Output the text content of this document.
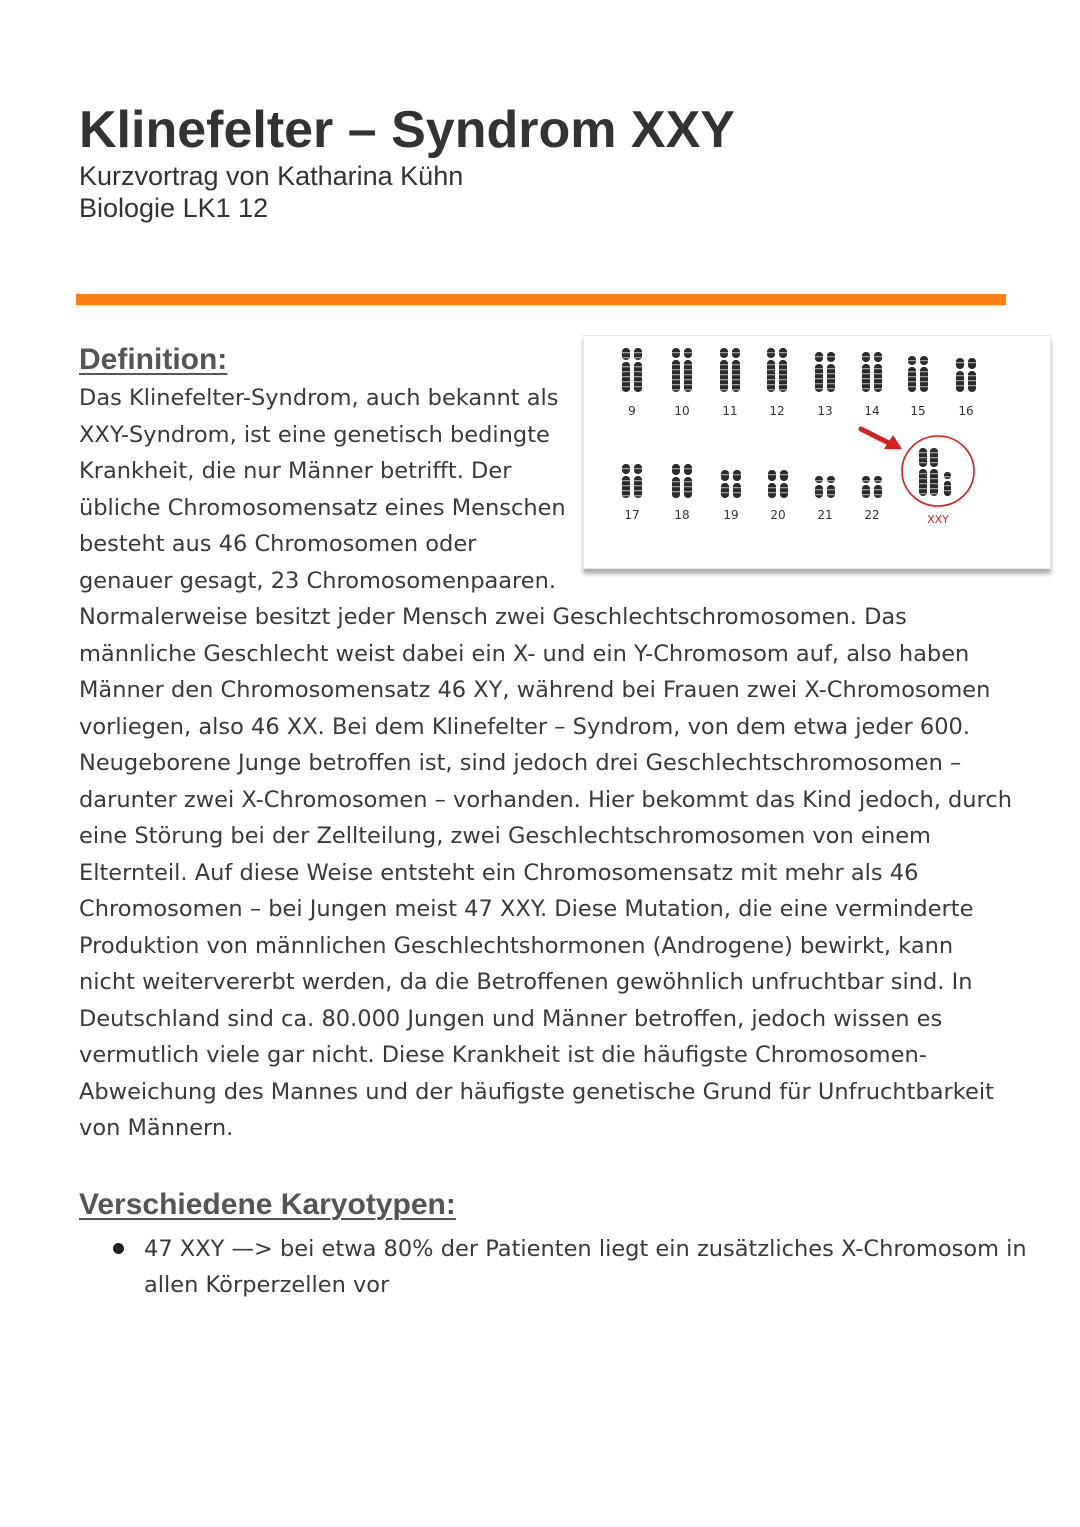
Klinefelter – Syndrom XXY
Kurzvortrag von Katharina Kühn
Biologie LK1 12
Definition:
Das Klinefelter-Syndrom, auch bekannt als
XXY-Syndrom, ist eine genetisch bedingte
Krankheit, die nur Männer betrifft. Der
übliche Chromosomensatz eines Menschen
besteht aus 46 Chromosomen oder
genauer gesagt, 23 Chromosomenpaaren.
Normalerweise besitzt jeder Mensch zwei Geschlechtschromosomen. Das
männliche Geschlecht weist dabei ein X- und ein Y-Chromosom auf, also haben
Männer den Chromosomensatz 46 XY, während bei Frauen zwei X-Chromosomen
vorliegen, also 46 XX. Bei dem Klinefelter – Syndrom, von dem etwa jeder 600.
Neugeborene Junge betroffen ist, sind jedoch drei Geschlechtschromosomen –
darunter zwei X-Chromosomen – vorhanden. Hier bekommt das Kind jedoch, durch
eine Störung bei der Zellteilung, zwei Geschlechtschromosomen von einem
Elternteil. Auf diese Weise entsteht ein Chromosomensatz mit mehr als 46
Chromosomen – bei Jungen meist 47 XXY. Diese Mutation, die eine verminderte
Produktion von männlichen Geschlechtshormonen (Androgene) bewirkt, kann
nicht weitervererbt werden, da die Betroffenen gewöhnlich unfruchtbar sind. In
Deutschland sind ca. 80.000 Jungen und Männer betroffen, jedoch wissen es
vermutlich viele gar nicht. Diese Krankheit ist die häufigste Chromosomen-
Abweichung des Mannes und der häufigste genetische Grund für Unfruchtbarkeit
von Männern.
9	10	11	12	13	14	15	16
17	18	19	20	21	22	XXY
Verschiedene Karyotypen:
47 XXY —> bei etwa 80% der Patienten liegt ein zusätzliches X-Chromosom in
allen Körperzellen vor
